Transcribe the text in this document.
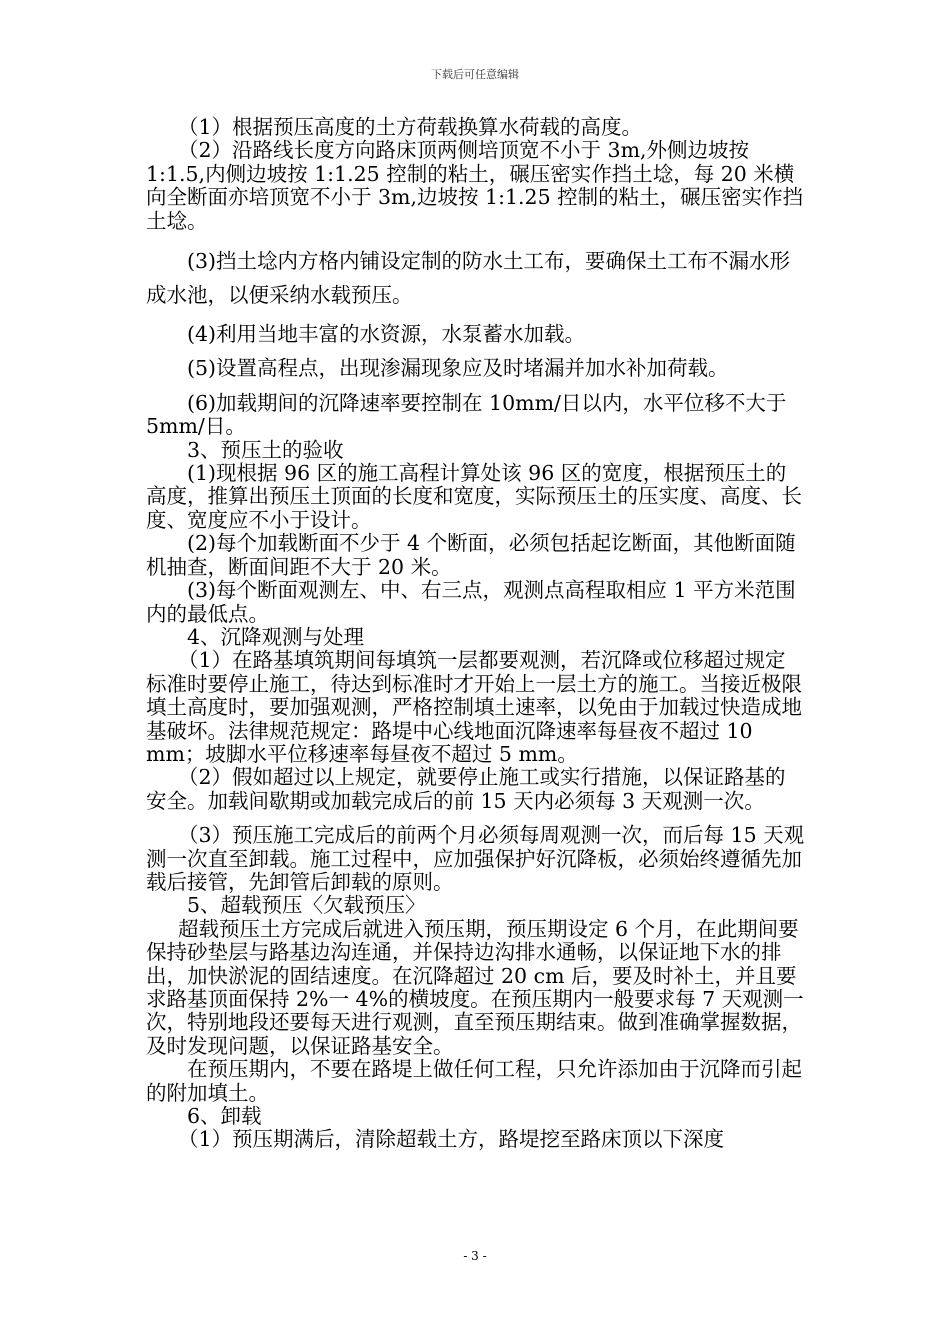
下载后可任意编辑

（1）根据预压高度的土方荷载换算水荷载的高度。

（2）沿路线长度方向路床顶两侧培顶宽不小于 3m,外侧边坡按 1:1.5,内侧边坡按 1:1.25 控制的粘土，碾压密实作挡土埝，每 20 米横向全断面亦培顶宽不小于 3m,边坡按 1:1.25 控制的粘土，碾压密实作挡土埝。

(3)挡土埝内方格内铺设定制的防水土工布，要确保土工布不漏水形成水池，以便采纳水载预压。

(4)利用当地丰富的水资源，水泵蓄水加载。

(5)设置高程点，出现渗漏现象应及时堵漏并加水补加荷载。

(6)加载期间的沉降速率要控制在 10mm/日以内，水平位移不大于 5mm/日。

3、预压土的验收

(1)现根据 96 区的施工高程计算处该 96 区的宽度，根据预压土的高度，推算出预压土顶面的长度和宽度，实际预压土的压实度、高度、长度、宽度应不小于设计。

(2)每个加载断面不少于 4 个断面，必须包括起讫断面，其他断面随机抽查，断面间距不大于 20 米。

(3)每个断面观测左、中、右三点，观测点高程取相应 1 平方米范围内的最低点。

4、沉降观测与处理

（1）在路基填筑期间每填筑一层都要观测，若沉降或位移超过规定标准时要停止施工，待达到标准时才开始上一层土方的施工。当接近极限填土高度时，要加强观测，严格控制填土速率，以免由于加载过快造成地基破坏。法律规范规定：路堤中心线地面沉降速率每昼夜不超过 10 mm；坡脚水平位移速率每昼夜不超过 5 mm。

（2）假如超过以上规定，就要停止施工或实行措施，以保证路基的安全。加载间歇期或加载完成后的前 15 天内必须每 3 天观测一次。

（3）预压施工完成后的前两个月必须每周观测一次，而后每 15 天观测一次直至卸载。施工过程中，应加强保护好沉降板，必须始终遵循先加载后接管，先卸管后卸载的原则。

5、超载预压〈欠载预压〉

超载预压土方完成后就进入预压期，预压期设定 6 个月，在此期间要保持砂垫层与路基边沟连通，并保持边沟排水通畅，以保证地下水的排出，加快淤泥的固结速度。在沉降超过 20 cm 后，要及时补土，并且要求路基顶面保持 2%一 4%的横坡度。在预压期内一般要求每 7 天观测一次，特别地段还要每天进行观测，直至预压期结束。做到准确掌握数据，及时发现问题，以保证路基安全。

在预压期内，不要在路堤上做任何工程，只允许添加由于沉降而引起的附加填土。

6、卸载

（1）预压期满后，清除超载土方，路堤挖至路床顶以下深度

- 3 -
